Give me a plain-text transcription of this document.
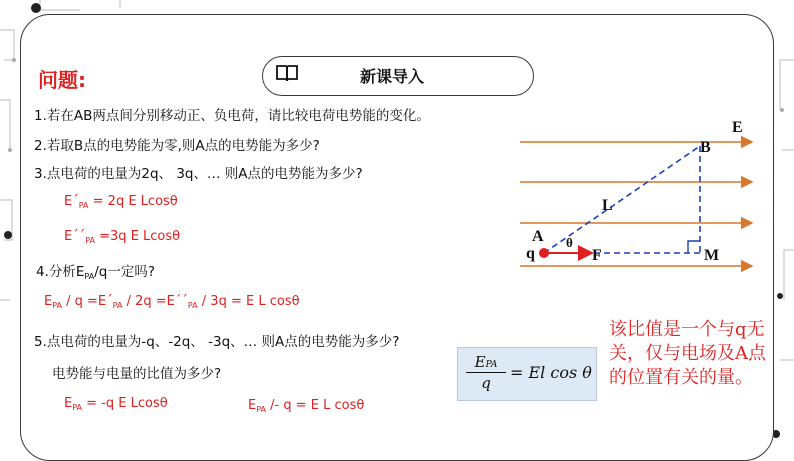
新课导入
问题:
1.若在AB两点间分别移动正、负电荷，请比较电荷电势能的变化。
2.若取B点的电势能为零,则A点的电势能为多少?
3.点电荷的电量为2q、 3q、… 则A点的电势能为多少?
$E´_{PA} = 2q$ E Lcosθ
$E´´_{PA} =3q$ E Lcosθ
4.分析$E_{PA}/q$一定吗?
$E_{PA}$ / $q =E´_{PA} / 2q$ $=E´´_{PA} / 3q = E$ L cosθ
5.点电荷的电量为-q、-2q、 -3q、… 则A点的电势能为多少?
电势能与电量的比值为多少?
$E_{PA} = -q$ E Lcosθ	$E_{PA} /- q = E$ L cosθ
EPA
q
= El cos θ
该比值是一个与q无关，仅与电场及A点的位置有关的量。
E
B
L
A θ
q	F	M
